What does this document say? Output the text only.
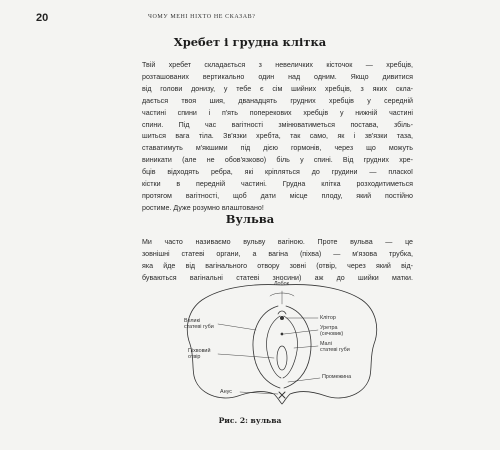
20	ЧОМУ МЕНІ НІХТО НЕ СКАЗАВ?
Хребет і грудна клітка
Твій хребет складається з невеличких кісточок — хребців,
розташованих вертикально один над одним. Якщо дивитися
від голови донизу, у тебе є сім шийних хребців, з яких скла-
дається твоя шия, дванадцять грудних хребців у середній
частині спини і п'ять поперекових хребців у нижній частині
спини. Під час вагітності змінюватиметься постава, збіль-
шиться вага тіла. Зв'язки хребта, так само, як і зв'язки таза,
ставатимуть м'якшими під дією гормонів, через що можуть
виникати (але не обов'язково) біль у спині. Від грудних хре-
бців відходять ребра, які кріпляться до грудини — пласкої
кістки в передній частині. Грудна клітка розходитиметься
протягом вагітності, щоб дати місце плоду, який постійно
ростиме. Дуже розумно влаштовано!
Вульва
Ми часто називаємо вульву вагіною. Проте вульва — це
зовнішні статеві органи, а вагіна (піхва) — м'язова трубка,
яка йде від вагінального отвору зовні (отвір, через який від-
буваються вагінальні статеві зносини) аж до шийки матки.
Лобок
Великі
статеві губи
Піхвовий
отвір
Клітор
Уретра
(сечовик)
Малі
статеві губи
Промежина
Анус
Рис. 2: вульва
